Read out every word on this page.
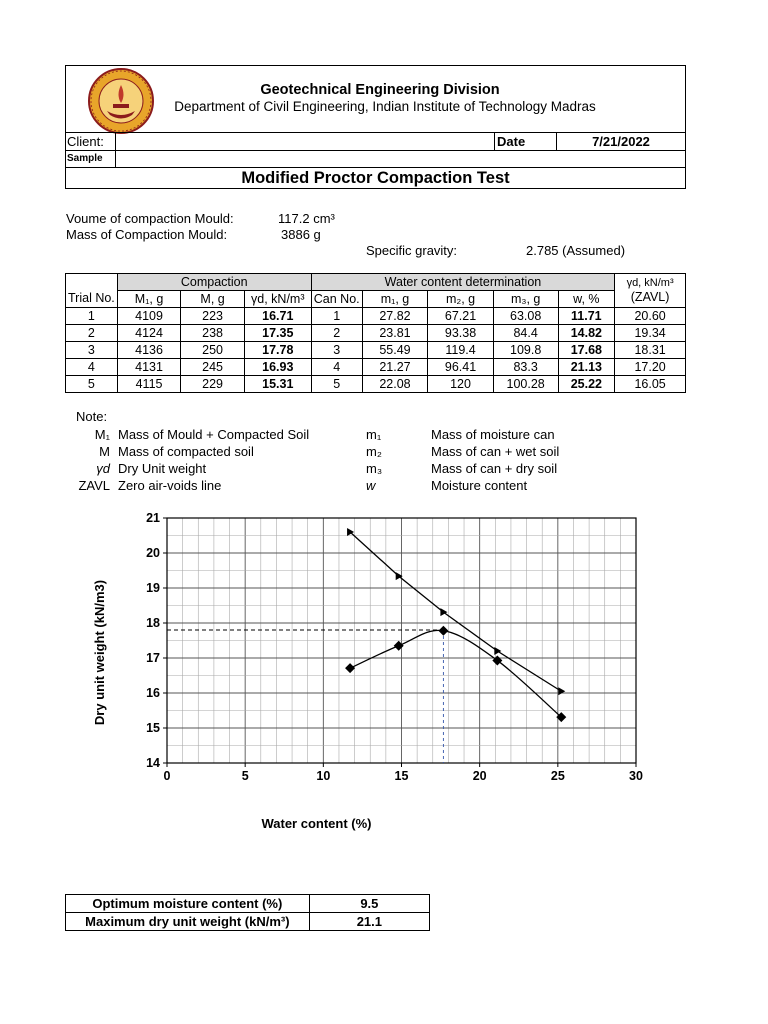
Geotechnical Engineering Division
Department of Civil Engineering, Indian Institute of Technology Madras
Client:	Date	7/21/2022
Sample
Modified Proctor Compaction Test
Voume of compaction Mould:	117.2 cm³
Mass of Compaction Mould:	3886 g
Specific gravity:	2.785 (Assumed)
	Compaction			Water content determination					γd, kN/m³
(ZAVL)
Trial No.	M₁, g	M, g	γd, kN/m³	Can No.	m₁, g	m₂, g	m₃, g	w, %	
1	4109	223	16.71	1	27.82	67.21	63.08	11.71	20.60
2	4124	238	17.35	2	23.81	93.38	84.4	14.82	19.34
3	4136	250	17.78	3	55.49	119.4	109.8	17.68	18.31
4	4131	245	16.93	4	21.27	96.41	83.3	21.13	17.20
5	4115	229	15.31	5	22.08	120	100.28	25.22	16.05
Note:
M₁ Mass of Mould + Compacted Soil	m₁	Mass of moisture can
M Mass of compacted soil	m₂	Mass of can + wet soil
γd Dry Unit weight	m₃	Mass of can + dry soil
ZAVL Zero air-voids line	w	Moisture content
0	5	10	15	20	25	30
14
15
16
17
18
19
20
21
Water content (%)
Dry unit weight (kN/m3)
Optimum moisture content (%)	9.5
Maximum dry unit weight (kN/m³)	21.1
